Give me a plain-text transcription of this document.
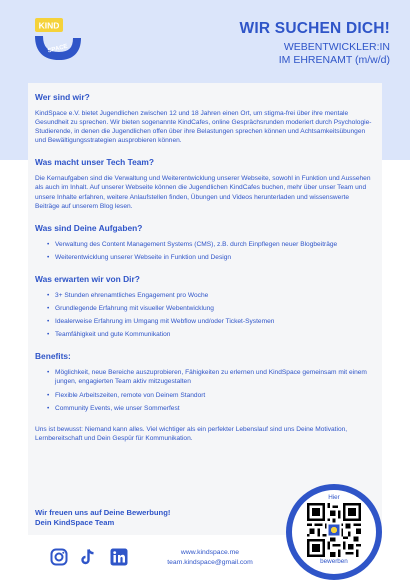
KIND
SPACE
WIR SUCHEN DICH!
WEBENTWICKLER:IN
IM EHRENAMT (m/w/d)
Wer sind wir?

KindSpace e.V. bietet Jugendlichen zwischen 12 und 18 Jahren einen Ort, um stigma-frei über ihre mentale Gesundheit zu sprechen. Wir bieten sogenannte KindCafes, online Gesprächsrunden moderiert durch Psychologie-Studierende, in denen die Jugendlichen offen über ihre Belastungen sprechen können und Achtsamkeitsübungen und Bewältigungsstrategien ausprobieren können.

Was macht unser Tech Team?

Die Kernaufgaben sind die Verwaltung und Weiterentwicklung unserer Webseite, sowohl in Funktion und Aussehen als auch im Inhalt. Auf unserer Webseite können die Jugendlichen KindCafes buchen, mehr über unser Team und unsere Inhalte erfahren, weitere Anlaufstellen finden, Übungen und Videos herunterladen und wissenswerte Beiträge auf unserem Blog lesen.

Was sind Deine Aufgaben?
• Verwaltung des Content Management Systems (CMS), z.B. durch Einpflegen neuer Blogbeiträge
• Weiterentwicklung unserer Webseite in Funktion und Design
Was erwarten wir von Dir?
• 3+ Stunden ehrenamtliches Engagement pro Woche
• Grundlegende Erfahrung mit visueller Webentwicklung
• Idealerweise Erfahrung im Umgang mit Webflow und/oder Ticket-Systemen
• Teamfähigkeit und gute Kommunikation
Benefits:
• Möglichkeit, neue Bereiche auszuprobieren, Fähigkeiten zu erlernen und KindSpace gemeinsam mit einem jungen, engagierten Team aktiv mitzugestalten
• Flexible Arbeitszeiten, remote von Deinem Standort
• Community Events, wie unser Sommerfest

Uns ist bewusst: Niemand kann alles. Viel wichtiger als ein perfekter Lebenslauf sind uns Deine Motivation, Lernbereitschaft und Dein Gespür für Kommunikation.

Wir freuen uns auf Deine Bewerbung!
Dein KindSpace Team
Hier
bewerben
www.kindspace.me
team.kindspace@gmail.com
